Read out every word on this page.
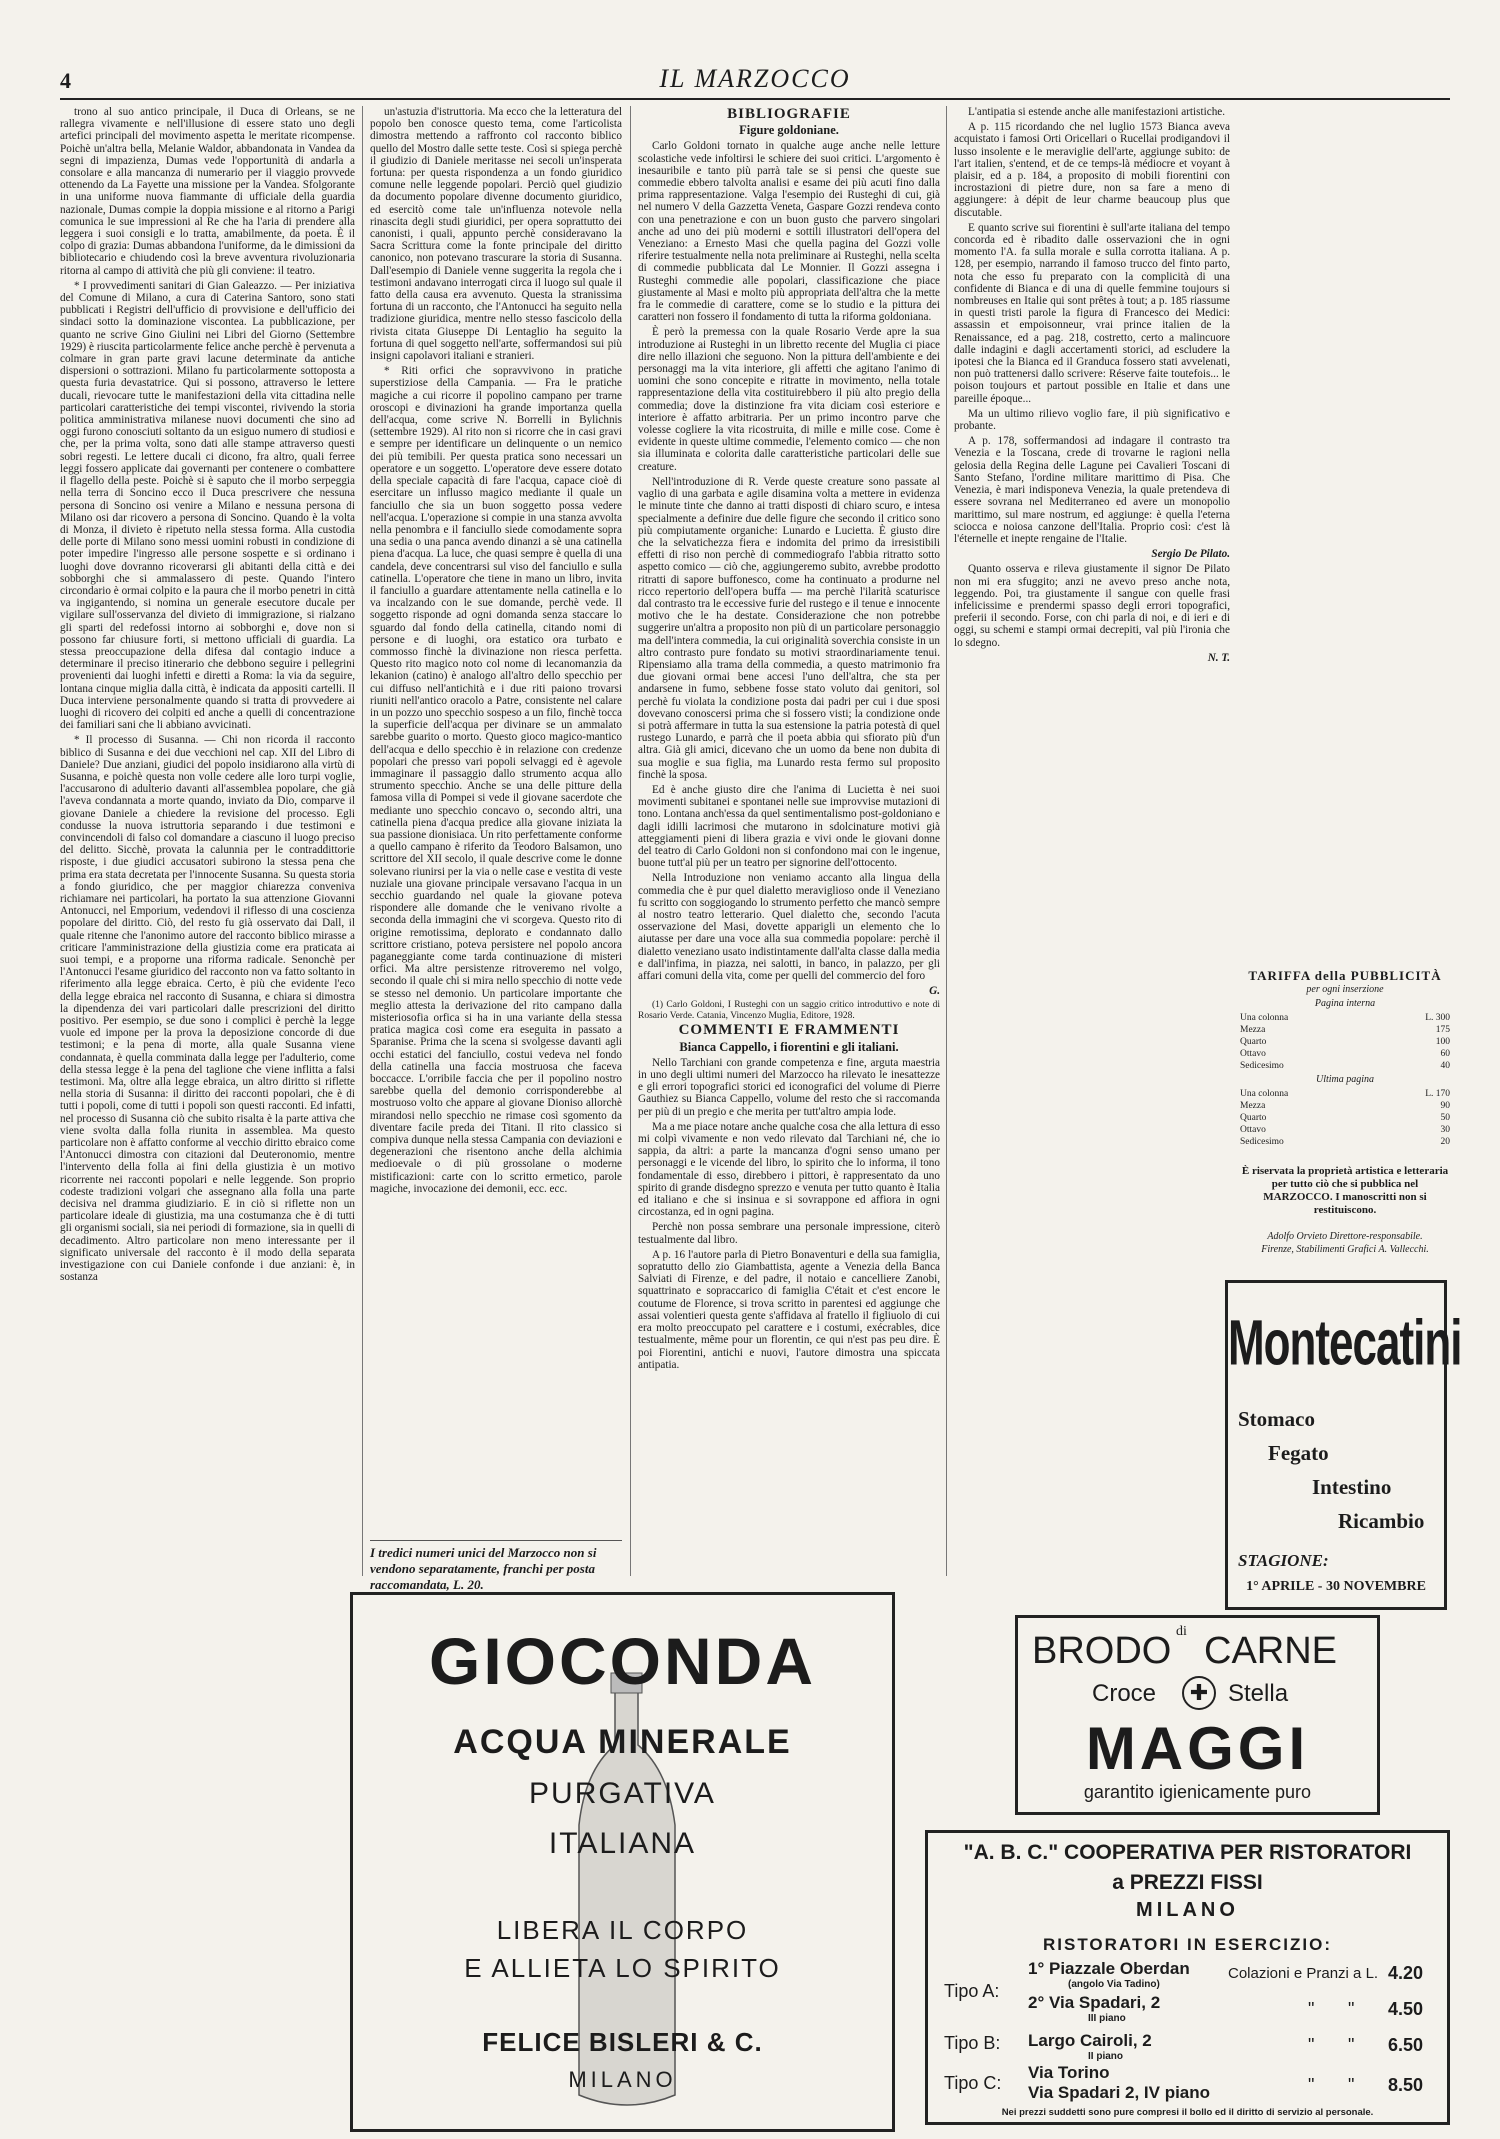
4	IL MARZOCCO

trono al suo antico principale, il Duca di Orleans, se ne rallegra vivamente e nell'illusione di essere stato uno degli artefici principali del movimento aspetta le meritate ricompense. Poichè un'altra bella, Melanie Waldor, abbandonata in Vandea da segni di impazienza, Dumas vede l'opportunità di andarla a consolare e alla mancanza di numerario per il viaggio provvede ottenendo da La Fayette una missione per la Vandea. Sfolgorante in una uniforme nuova fiammante di ufficiale della guardia nazionale, Dumas compie la doppia missione e al ritorno a Parigi comunica le sue impressioni al Re che ha l'aria di prendere alla leggera i suoi consigli e lo tratta, amabilmente, da poeta. È il colpo di grazia: Dumas abbandona l'uniforme, da le dimissioni da bibliotecario e chiudendo così la breve avventura rivoluzionaria ritorna al campo di attività che più gli conviene: il teatro.

* I provvedimenti sanitari di Gian Galeazzo. — Per iniziativa del Comune di Milano, a cura di Caterina Santoro, sono stati pubblicati i Registri dell'ufficio di provvisione e dell'ufficio dei sindaci sotto la dominazione viscontea. La pubblicazione, per quanto ne scrive Gino Giulini nei Libri del Giorno (Settembre 1929) è riuscita particolarmente felice anche perchè è pervenuta a colmare in gran parte gravi lacune determinate da antiche dispersioni o sottrazioni. Milano fu particolarmente sottoposta a questa furia devastatrice. Qui si possono, attraverso le lettere ducali, rievocare tutte le manifestazioni della vita cittadina nelle particolari caratteristiche dei tempi viscontei, rivivendo la storia politica amministrativa milanese nuovi documenti che sino ad oggi furono conosciuti soltanto da un esiguo numero di studiosi e che, per la prima volta, sono dati alle stampe attraverso questi sobri regesti. Le lettere ducali ci dicono, fra altro, quali ferree leggi fossero applicate dai governanti per contenere o combattere il flagello della peste. Poichè si è saputo che il morbo serpeggia nella terra di Soncino ecco il Duca prescrivere che nessuna persona di Soncino osi venire a Milano e nessuna persona di Milano osi dar ricovero a persona di Soncino. Quando è la volta di Monza, il divieto è ripetuto nella stessa forma. Alla custodia delle porte di Milano sono messi uomini robusti in condizione di poter impedire l'ingresso alle persone sospette e si ordinano i luoghi dove dovranno ricoverarsi gli abitanti della città e dei sobborghi che si ammalassero di peste. Quando l'intero circondario è ormai colpito e la paura che il morbo penetri in città va ingigantendo, si nomina un generale esecutore ducale per vigilare sull'osservanza del divieto di immigrazione, si rialzano gli sparti del redefossi intorno ai sobborghi e, dove non si possono far chiusure forti, si mettono ufficiali di guardia. La stessa preoccupazione della difesa dal contagio induce a determinare il preciso itinerario che debbono seguire i pellegrini provenienti dai luoghi infetti e diretti a Roma: la via da seguire, lontana cinque miglia dalla città, è indicata da appositi cartelli. Il Duca interviene personalmente quando si tratta di provvedere ai luoghi di ricovero dei colpiti ed anche a quelli di concentrazione dei familiari sani che li abbiano avvicinati.

* Il processo di Susanna. — Chi non ricorda il racconto biblico di Susanna e dei due vecchioni nel cap. XII del Libro di Daniele? Due anziani, giudici del popolo insidiarono alla virtù di Susanna, e poichè questa non volle cedere alle loro turpi voglie, l'accusarono di adulterio davanti all'assemblea popolare, che già l'aveva condannata a morte quando, inviato da Dio, comparve il giovane Daniele a chiedere la revisione del processo. Egli condusse la nuova istruttoria separando i due testimoni e convincendoli di falso col domandare a ciascuno il luogo preciso del delitto. Sicchè, provata la calunnia per le contraddittorie risposte, i due giudici accusatori subirono la stessa pena che prima era stata decretata per l'innocente Susanna. Su questa storia a fondo giuridico, che per maggior chiarezza conveniva richiamare nei particolari, ha portato la sua attenzione Giovanni Antonucci, nel Emporium, vedendovi il riflesso di una coscienza popolare del diritto. Ciò, del resto fu già osservato dai Dall, il quale ritenne che l'anonimo autore del racconto biblico mirasse a criticare l'amministrazione della giustizia come era praticata ai suoi tempi, e a proporne una riforma radicale. Senonchè per l'Antonucci l'esame giuridico del racconto non va fatto soltanto in riferimento alla legge ebraica. Certo, è più che evidente l'eco della legge ebraica nel racconto di Susanna, e chiara si dimostra la dipendenza dei vari particolari dalle prescrizioni del diritto positivo. Per esempio, se due sono i complici è perchè la legge vuole ed impone per la prova la deposizione concorde di due testimoni; e la pena di morte, alla quale Susanna viene condannata, è quella comminata dalla legge per l'adulterio, come della stessa legge è la pena del taglione che viene inflitta a falsi testimoni. Ma, oltre alla legge ebraica, un altro diritto si riflette nella storia di Susanna: il diritto dei racconti popolari, che è di tutti i popoli, come di tutti i popoli son questi racconti. Ed infatti, nel processo di Susanna ciò che subito risalta è la parte attiva che viene svolta dalla folla riunita in assemblea. Ma questo particolare non è affatto conforme al vecchio diritto ebraico come l'Antonucci dimostra con citazioni dal Deuteronomio, mentre l'intervento della folla ai fini della giustizia è un motivo ricorrente nei racconti popolari e nelle leggende. Son proprio codeste tradizioni volgari che assegnano alla folla una parte decisiva nel dramma giudiziario. E in ciò si riflette non un particolare ideale di giustizia, ma una costumanza che è di tutti gli organismi sociali, sia nei periodi di formazione, sia in quelli di decadimento. Altro particolare non meno interessante per il significato universale del racconto è il modo della separata investigazione con cui Daniele confonde i due anziani: è, in sostanza

un'astuzia d'istruttoria. Ma ecco che la letteratura del popolo ben conosce questo tema, come l'articolista dimostra mettendo a raffronto col racconto biblico quello del Mostro dalle sette teste. Così si spiega perchè il giudizio di Daniele meritasse nei secoli un'insperata fortuna: per questa rispondenza a un fondo giuridico comune nelle leggende popolari. Perciò quel giudizio da documento popolare divenne documento giuridico, ed esercitò come tale un'influenza notevole nella rinascita degli studi giuridici, per opera soprattutto dei canonisti, i quali, appunto perchè consideravano la Sacra Scrittura come la fonte principale del diritto canonico, non potevano trascurare la storia di Susanna. Dall'esempio di Daniele venne suggerita la regola che i testimoni andavano interrogati circa il luogo sul quale il fatto della causa era avvenuto. Questa la stranissima fortuna di un racconto, che l'Antonucci ha seguito nella tradizione giuridica, mentre nello stesso fascicolo della rivista citata Giuseppe Di Lentaglio ha seguito la fortuna di quel soggetto nell'arte, soffermandosi sui più insigni capolavori italiani e stranieri.

* Riti orfici che sopravvivono in pratiche superstiziose della Campania. — Fra le pratiche magiche a cui ricorre il popolino campano per trarne oroscopi e divinazioni ha grande importanza quella dell'acqua, come scrive N. Borrelli in Bylichnis (settembre 1929). Al rito non si ricorre che in casi gravi e sempre per identificare un delinquente o un nemico dei più temibili. Per questa pratica sono necessari un operatore e un soggetto. L'operatore deve essere dotato della speciale capacità di fare l'acqua, capace cioè di esercitare un influsso magico mediante il quale un fanciullo che sia un buon soggetto possa vedere nell'acqua. L'operazione si compie in una stanza avvolta nella penombra e il fanciullo siede comodamente sopra una sedia o una panca avendo dinanzi a sè una catinella piena d'acqua. La luce, che quasi sempre è quella di una candela, deve concentrarsi sul viso del fanciullo e sulla catinella. L'operatore che tiene in mano un libro, invita il fanciullo a guardare attentamente nella catinella e lo va incalzando con le sue domande, perchè vede. Il soggetto risponde ad ogni domanda senza staccare lo sguardo dal fondo della catinella, citando nomi di persone e di luoghi, ora estatico ora turbato e commosso finchè la divinazione non riesca perfetta. Questo rito magico noto col nome di lecanomanzia da lekanion (catino) è analogo all'altro dello specchio per cui diffuso nell'antichità e i due riti paiono trovarsi riuniti nell'antico oracolo a Patre, consistente nel calare in un pozzo uno specchio sospeso a un filo, finchè tocca la superficie dell'acqua per divinare se un ammalato sarebbe guarito o morto. Questo gioco magico-mantico dell'acqua e dello specchio è in relazione con credenze popolari che presso vari popoli selvaggi ed è agevole immaginare il passaggio dallo strumento acqua allo strumento specchio. Anche se una delle pitture della famosa villa di Pompei si vede il giovane sacerdote che mediante uno specchio concavo o, secondo altri, una catinella piena d'acqua predice alla giovane iniziata la sua passione dionisiaca. Un rito perfettamente conforme a quello campano è riferito da Teodoro Balsamon, uno scrittore del XII secolo, il quale descrive come le donne solevano riunirsi per la via o nelle case e vestita di veste nuziale una giovane principale versavano l'acqua in un secchio guardando nel quale la giovane poteva rispondere alle domande che le venivano rivolte a seconda della immagini che vi scorgeva. Questo rito di origine remotissima, deplorato e condannato dallo scrittore cristiano, poteva persistere nel popolo ancora paganeggiante come tarda continuazione di misteri orfici. Ma altre persistenze ritroveremo nel volgo, secondo il quale chi si mira nello specchio di notte vede se stesso nel demonio. Un particolare importante che meglio attesta la derivazione del rito campano dalla misteriosofia orfica si ha in una variante della stessa pratica magica così come era eseguita in passato a Sparanise. Prima che la scena si svolgesse davanti agli occhi estatici del fanciullo, costui vedeva nel fondo della catinella una faccia mostruosa che faceva boccacce. L'orribile faccia che per il popolino nostro sarebbe quella del demonio corrisponderebbe al mostruoso volto che appare al giovane Dioniso allorchè mirandosi nello specchio ne rimase così sgomento da diventare facile preda dei Titani. Il rito classico si compiva dunque nella stessa Campania con deviazioni e degenerazioni che risentono anche della alchimia medioevale o di più grossolane o moderne mistificazioni: carte con lo scritto ermetico, parole magiche, invocazione dei demonii, ecc. ecc.

I tredici numeri unici del Marzocco non si vendono separatamente, franchi per posta raccomandata, L. 20.

BIBLIOGRAFIE

Figure goldoniane.

Carlo Goldoni tornato in qualche auge anche nelle letture scolastiche vede infoltirsi le schiere dei suoi critici. L'argomento è inesauribile e tanto più parrà tale se si pensi che queste sue commedie ebbero talvolta analisi e esame dei più acuti fino dalla prima rappresentazione. Valga l'esempio dei Rusteghi di cui, già nel numero V della Gazzetta Veneta, Gaspare Gozzi rendeva conto con una penetrazione e con un buon gusto che parvero singolari anche ad uno dei più moderni e sottili illustratori dell'opera del Veneziano: a Ernesto Masi che quella pagina del Gozzi volle riferire testualmente nella nota preliminare ai Rusteghi, nella scelta di commedie pubblicata dal Le Monnier. Il Gozzi assegna i Rusteghi commedie alle popolari, classificazione che piace giustamente al Masi e molto più appropriata dell'altra che la mette fra le commedie di carattere, come se lo studio e la pittura dei caratteri non fossero il fondamento di tutta la riforma goldoniana.

È però la premessa con la quale Rosario Verde apre la sua introduzione ai Rusteghi in un libretto recente del Muglia ci piace dire nello illazioni che seguono. Non la pittura dell'ambiente e dei personaggi ma la vita interiore, gli affetti che agitano l'animo di uomini che sono concepite e ritratte in movimento, nella totale rappresentazione della vita costituirebbero il più alto pregio della commedia; dove la distinzione fra vita diciam così esteriore e interiore è affatto arbitraria. Per un primo incontro parve che volesse cogliere la vita ricostruita, di mille e mille cose. Come è evidente in queste ultime commedie, l'elemento comico — che non sia illuminata e colorita dalle caratteristiche particolari delle sue creature.

Nell'introduzione di R. Verde queste creature sono passate al vaglio di una garbata e agile disamina volta a mettere in evidenza le minute tinte che danno ai tratti disposti di chiaro scuro, e intesa specialmente a definire due delle figure che secondo il critico sono più compiutamente organiche: Lunardo e Lucietta. È giusto dire che la selvatichezza fiera e indomita del primo da irresistibili effetti di riso non perchè di commediografo l'abbia ritratto sotto aspetto comico — ciò che, aggiungeremo subito, avrebbe prodotto ritratti di sapore buffonesco, come ha continuato a produrne nel ricco repertorio dell'opera buffa — ma perchè l'ilarità scaturisce dal contrasto tra le eccessive furie del rustego e il tenue e innocente motivo che le ha destate. Considerazione che non potrebbe suggerire un'altra a proposito non più di un particolare personaggio ma dell'intera commedia, la cui originalità soverchia consiste in un altro contrasto pure fondato su motivi straordinariamente tenui. Ripensiamo alla trama della commedia, a questo matrimonio fra due giovani ormai bene accesi l'uno dell'altra, che sta per andarsene in fumo, sebbene fosse stato voluto dai genitori, sol perchè fu violata la condizione posta dai padri per cui i due sposi dovevano conoscersi prima che si fossero visti; la condizione onde si potrà affermare in tutta la sua estensione la patria potestà di quel rustego Lunardo, e parrà che il poeta abbia qui sfiorato più d'un altra. Già gli amici, dicevano che un uomo da bene non dubita di sua moglie e sua figlia, ma Lunardo resta fermo sul proposito finchè la sposa.

Ed è anche giusto dire che l'anima di Lucietta è nei suoi movimenti subitanei e spontanei nelle sue improvvise mutazioni di tono. Lontana anch'essa da quel sentimentalismo post-goldoniano e dagli idilli lacrimosi che mutarono in sdolcinature motivi già atteggiamenti pieni di libera grazia e vivi onde le giovani donne del teatro di Carlo Goldoni non si confondono mai con le ingenue, buone tutt'al più per un teatro per signorine dell'ottocento.

Nella Introduzione non veniamo accanto alla lingua della commedia che è pur quel dialetto meraviglioso onde il Veneziano fu scritto con soggiogando lo strumento perfetto che mancò sempre al nostro teatro letterario. Quel dialetto che, secondo l'acuta osservazione del Masi, dovette apparigli un elemento che lo aiutasse per dare una voce alla sua commedia popolare: perchè il dialetto veneziano usato indistintamente dall'alta classe dalla media e dall'infima, in piazza, nei salotti, in banco, in palazzo, per gli affari comuni della vita, come per quelli del commercio del foro

G.

(1) Carlo Goldoni, I Rusteghi con un saggio critico introduttivo e note di Rosario Verde. Catania, Vincenzo Muglia, Editore, 1928.

COMMENTI E FRAMMENTI

Bianca Cappello, i fiorentini e gli italiani.

Nello Tarchiani con grande competenza e fine, arguta maestria in uno degli ultimi numeri del Marzocco ha rilevato le inesattezze e gli errori topografici storici ed iconografici del volume di Pierre Gauthiez su Bianca Cappello, volume del resto che si raccomanda per più di un pregio e che merita per tutt'altro ampia lode.

Ma a me piace notare anche qualche cosa che alla lettura di esso mi colpì vivamente e non vedo rilevato dal Tarchiani né, che io sappia, da altri: a parte la mancanza d'ogni senso umano per personaggi e le vicende del libro, lo spirito che lo informa, il tono fondamentale di esso, direbbero i pittori, è rappresentato da uno spirito di grande disdegno sprezzo e venuta per tutto quanto è Italia ed italiano e che si insinua e si sovrappone ed affiora in ogni circostanza, ed in ogni pagina.

Perchè non possa sembrare una personale impressione, citerò testualmente dal libro.

A p. 16 l'autore parla di Pietro Bonaventuri e della sua famiglia, sopratutto dello zio Giambattista, agente a Venezia della Banca Salviati di Firenze, e del padre, il notaio e cancelliere Zanobi, squattrinato e sopraccarico di famiglia C'était et c'est encore le coutume de Florence, si trova scritto in parentesi ed aggiunge che assai volentieri questa gente s'affidava al fratello il figliuolo di cui era molto preoccupato pel carattere e i costumi, exécrables, dice testualmente, même pour un florentin, ce qui n'est pas peu dire. È poi Fiorentini, antichi e nuovi, l'autore dimostra una spiccata antipatia.

L'antipatia si estende anche alle manifestazioni artistiche.

A p. 115 ricordando che nel luglio 1573 Bianca aveva acquistato i famosi Orti Oricellari o Rucellai prodigandovi il lusso insolente e le meraviglie dell'arte, aggiunge subito: de l'art italien, s'entend, et de ce temps-là médiocre et voyant à plaisir, ed a p. 184, a proposito di mobili fiorentini con incrostazioni di pietre dure, non sa fare a meno di aggiungere: à dépit de leur charme beaucoup plus que discutable.

E quanto scrive sui fiorentini è sull'arte italiana del tempo concorda ed è ribadito dalle osservazioni che in ogni momento l'A. fa sulla morale e sulla corrotta italiana. A p. 128, per esempio, narrando il famoso trucco del finto parto, nota che esso fu preparato con la complicità di una confidente di Bianca e di una di quelle femmine toujours si nombreuses en Italie qui sont prêtes à tout; a p. 185 riassume in questi tristi parole la figura di Francesco dei Medici: assassin et empoisonneur, vrai prince italien de la Renaissance, ed a pag. 218, costretto, certo a malincuore dalle indagini e dagli accertamenti storici, ad escludere la ipotesi che la Bianca ed il Granduca fossero stati avvelenati, non può trattenersi dallo scrivere: Réserve faite toutefois... le poison toujours et partout possible en Italie et dans une pareille époque...

Ma un ultimo rilievo voglio fare, il più significativo e probante.

A p. 178, soffermandosi ad indagare il contrasto tra Venezia e la Toscana, crede di trovarne le ragioni nella gelosia della Regina delle Lagune pei Cavalieri Toscani di Santo Stefano, l'ordine militare marittimo di Pisa. Che Venezia, è mari indisponeva Venezia, la quale pretendeva di essere sovrana nel Mediterraneo ed avere un monopolio marittimo, sul mare nostrum, ed aggiunge: è quella l'eterna sciocca e noiosa canzone dell'Italia. Proprio così: c'est là l'éternelle et inepte rengaine de l'Italie.

Sergio De Pilato.

Quanto osserva e rileva giustamente il signor De Pilato non mi era sfuggito; anzi ne avevo preso anche nota, leggendo. Poi, tra giustamente il sangue con quelle frasi infelicissime e prendermi spasso degli errori topografici, preferii il secondo. Forse, con chi parla di noi, e di ieri e di oggi, su schemi e stampi ormai decrepiti, val più l'ironia che lo sdegno.

N. T.

TARIFFA della PUBBLICITÀ
per ogni inserzione
Pagina interna
Una colonna	L. 300
Mezza	175
Quarto	100
Ottavo	60
Sedicesimo	40
Ultima pagina
Una colonna	L. 170
Mezza	90
Quarto	50
Ottavo	30
Sedicesimo	20
È riservata la proprietà artistica e letteraria per tutto ciò che si pubblica nel MARZOCCO. I manoscritti non si restituiscono.
Adolfo Orvieto Direttore-responsabile.
Firenze, Stabilimenti Grafici A. Vallecchi.
Montecatini
Stomaco
Fegato
Intestino
Ricambio
STAGIONE:
1° APRILE - 30 NOVEMBRE
GIOCONDA
ACQUA MINERALE
PURGATIVA
ITALIANA
LIBERA IL CORPO
E ALLIETA LO SPIRITO
FELICE BISLERI & C.
MILANO
BRODO di CARNE
Croce	✚ Stella
MAGGI
garantito igienicamente puro
"A. B. C." COOPERATIVA PER RISTORATORI
a PREZZI FISSI
MILANO
RISTORATORI IN ESERCIZIO:
Tipo A:
Tipo B:
Tipo C:
1° Piazzale Oberdan
(angolo Via Tadino)
2° Via Spadari, 2
III piano
Largo Cairoli, 2
II piano
Via Torino
Via Spadari 2, IV piano
Colazioni e Pranzi a L. 4.20
" " 4.50
" " 6.50
" " 8.50
Nei prezzi suddetti sono pure compresi il bollo ed il diritto di servizio al personale.
